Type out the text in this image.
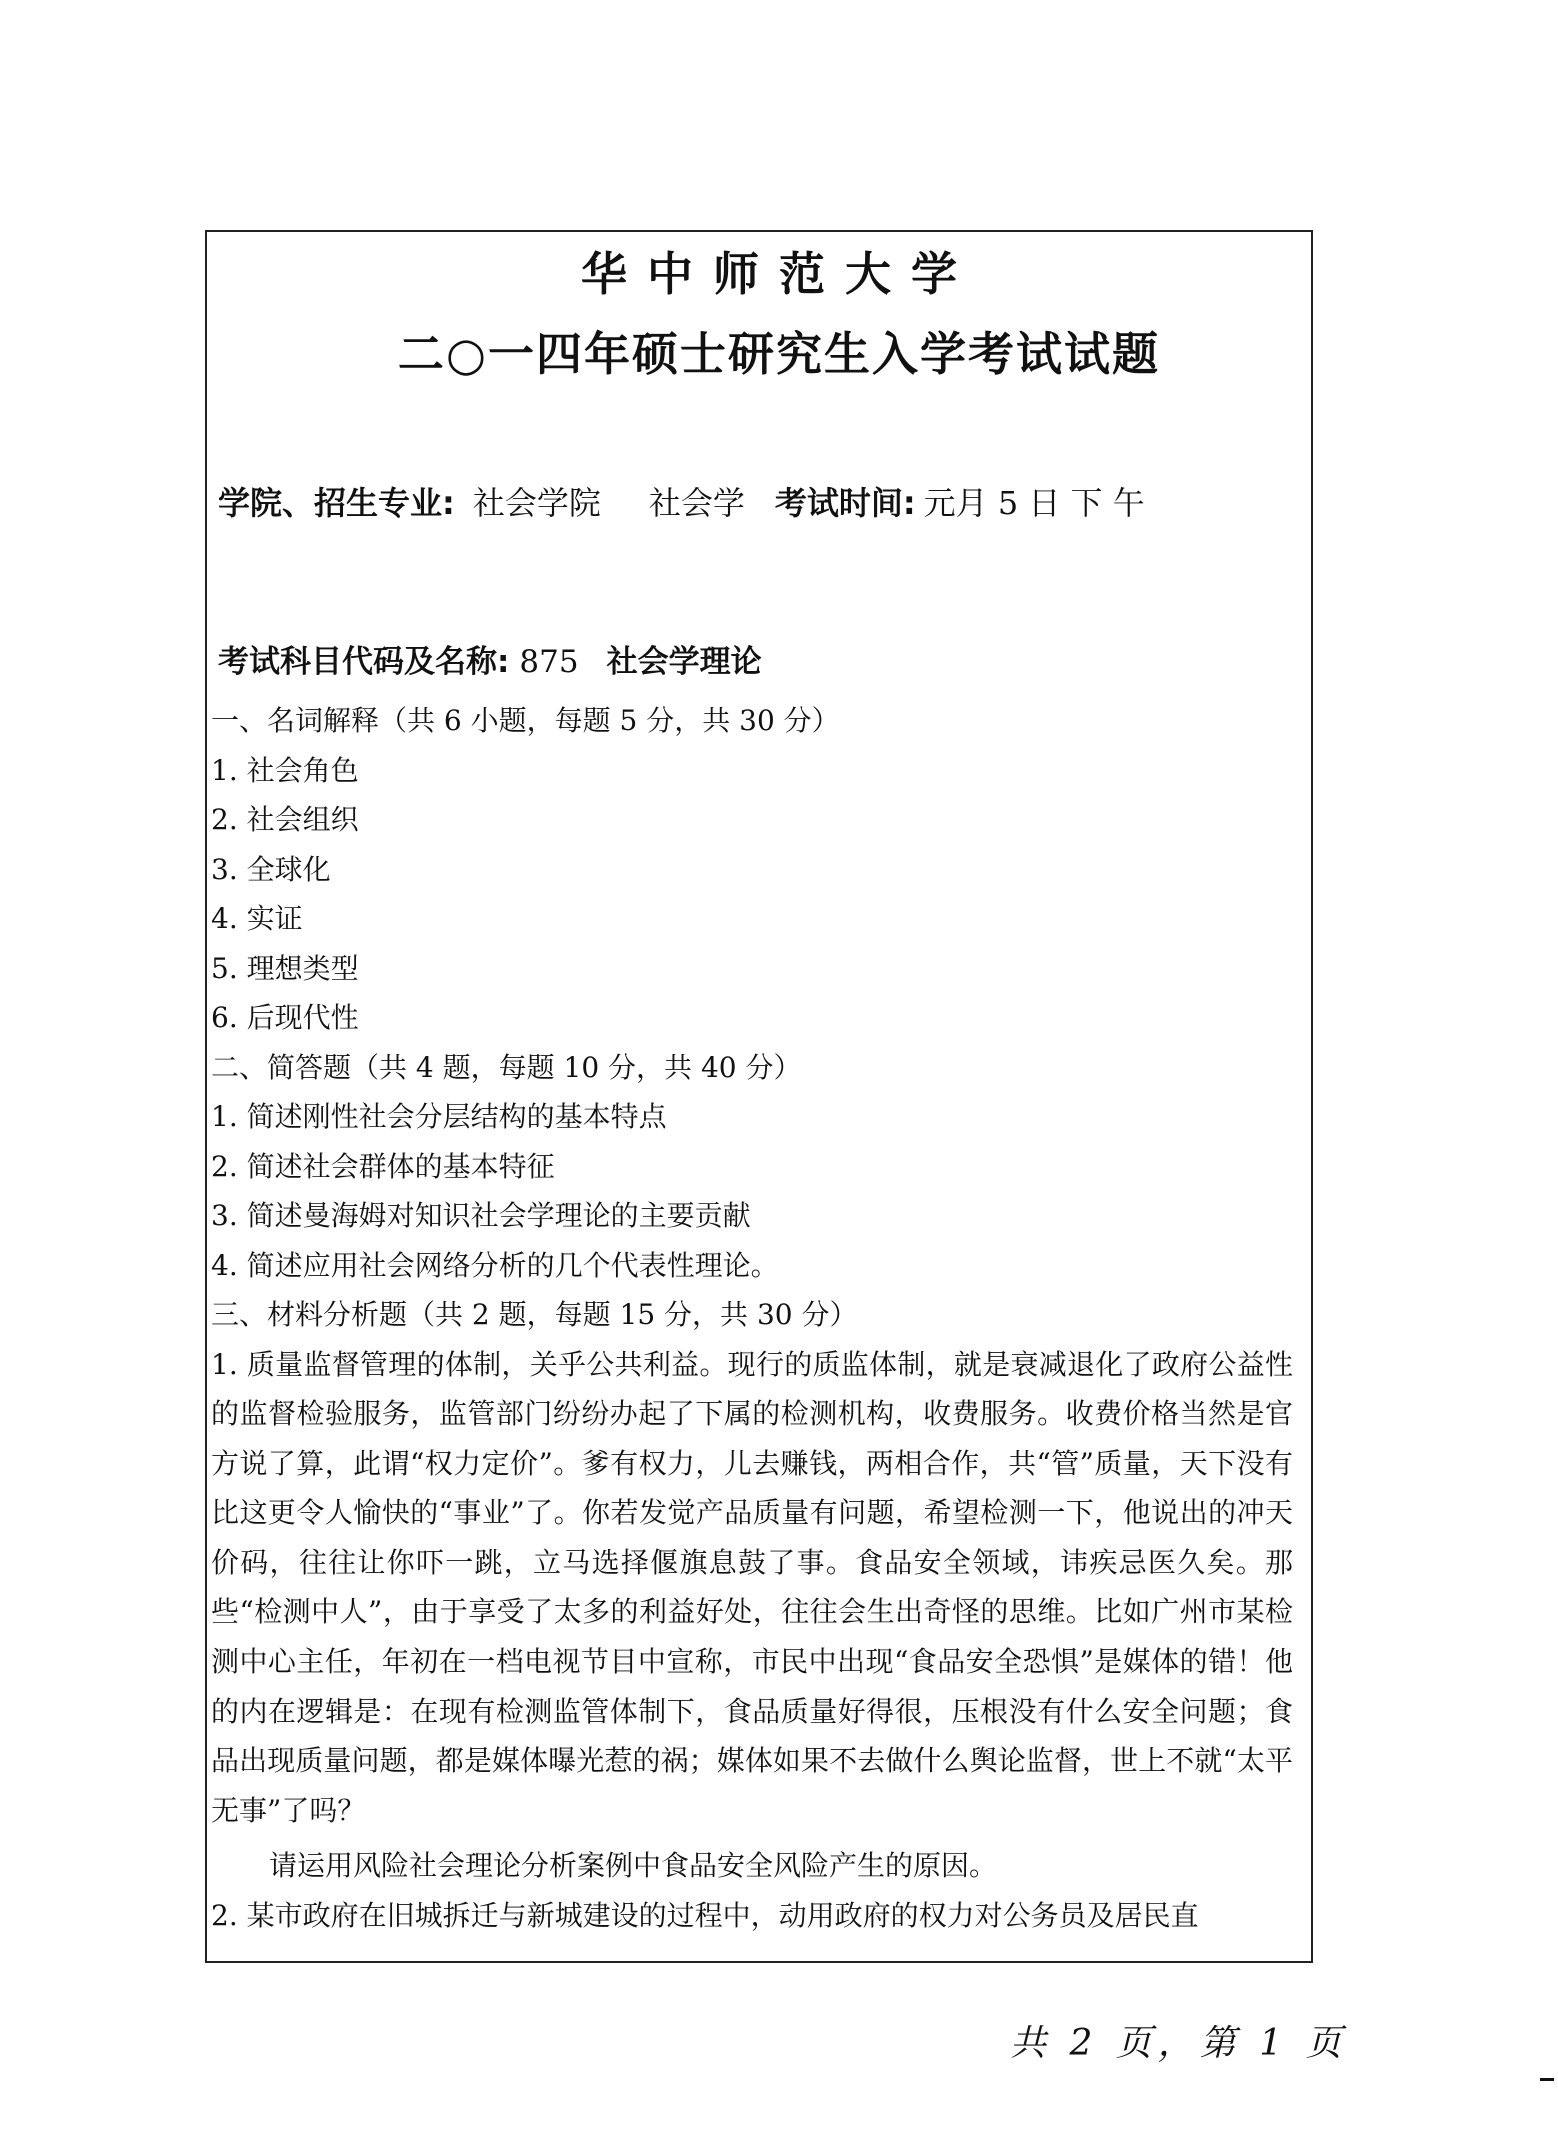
华中师范大学
二○一四年硕士研究生入学考试试题
学院、招生专业: 社会学院 社会学 考试时间: 元月 5 日 下 午
考试科目代码及名称: 875 社会学理论
一、名词解释（共 6 小题，每题 5 分，共 30 分）
1. 社会角色
2. 社会组织
3. 全球化
4. 实证
5. 理想类型
6. 后现代性
二、简答题（共 4 题，每题 10 分，共 40 分）
1. 简述刚性社会分层结构的基本特点
2. 简述社会群体的基本特征
3. 简述曼海姆对知识社会学理论的主要贡献
4. 简述应用社会网络分析的几个代表性理论。
三、材料分析题（共 2 题，每题 15 分，共 30 分）

1. 质量监督管理的体制，关乎公共利益。现行的质监体制，就是衰减退化了政府公益性的监督检验服务，监管部门纷纷办起了下属的检测机构，收费服务。收费价格当然是官方说了算，此谓“权力定价”。爹有权力，儿去赚钱，两相合作，共“管”质量，天下没有比这更令人愉快的“事业”了。你若发觉产品质量有问题，希望检测一下，他说出的冲天价码，往往让你吓一跳，立马选择偃旗息鼓了事。食品安全领域，讳疾忌医久矣。那些“检测中人”，由于享受了太多的利益好处，往往会生出奇怪的思维。比如广州市某检测中心主任，年初在一档电视节目中宣称，市民中出现“食品安全恐惧”是媒体的错！他的内在逻辑是：在现有检测监管体制下，食品质量好得很，压根没有什么安全问题；食品出现质量问题，都是媒体曝光惹的祸；媒体如果不去做什么舆论监督，世上不就“太平无事”了吗？

请运用风险社会理论分析案例中食品安全风险产生的原因。

2. 某市政府在旧城拆迁与新城建设的过程中，动用政府的权力对公务员及居民直
共 2 页，第 1 页
